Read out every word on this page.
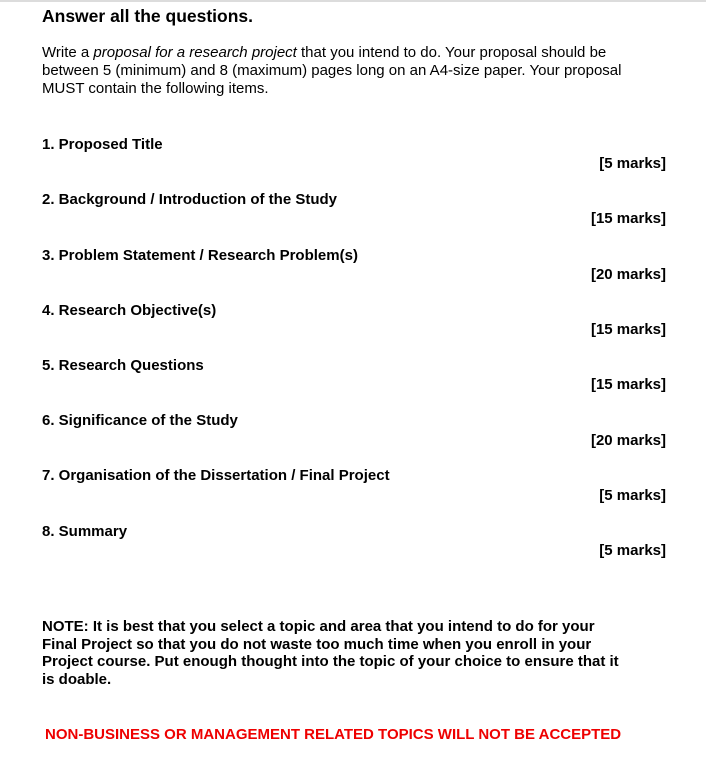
Answer all the questions.

Write a proposal for a research project that you intend to do. Your proposal should be

between 5 (minimum) and 8 (maximum) pages long on an A4-size paper. Your proposal

MUST contain the following items.

1. Proposed Title
[5 marks]
2. Background / Introduction of the Study
[15 marks]
3. Problem Statement / Research Problem(s)
[20 marks]
4. Research Objective(s)
[15 marks]
5. Research Questions
[15 marks]
6. Significance of the Study
[20 marks]
7. Organisation of the Dissertation / Final Project
[5 marks]
8. Summary
[5 marks]

NOTE: It is best that you select a topic and area that you intend to do for your

Final Project so that you do not waste too much time when you enroll in your

Project course. Put enough thought into the topic of your choice to ensure that it

is doable.

NON-BUSINESS OR MANAGEMENT RELATED TOPICS WILL NOT BE ACCEPTED
